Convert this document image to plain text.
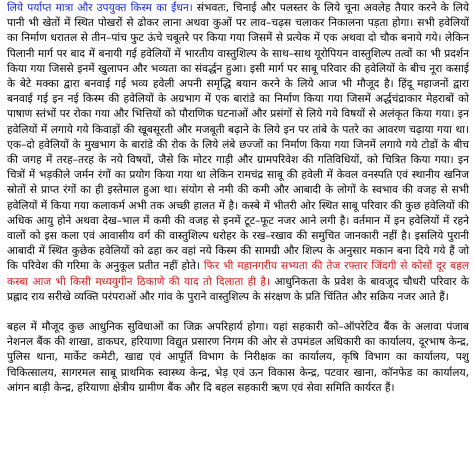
लिये पर्याप्त मात्रा और उपयुक्त किस्म का ईंधन। संभवतः, चिनाई और पलस्तर के लिये चूना अवलेह तैयार करने के लिये पानी भी खेतों में स्थित पोखरों से ढोकर लाना अथवा कुओं पर लाव–चढ़स चलाकर निकालना पड़ता होगा। सभी हवेलियों का निर्माण धरातल से तीन–पांच फुट ऊंचे चबूतरे पर किया गया जिसमें से प्रत्येक में एक अथवा दो चौक बनाये गये। लेकिन पिलानी मार्ग पर बाद में बनायी गई हवेलियों में भारतीय वास्तुशिल्प के साथ–साथ यूरोपियन वास्तुशिल्प तत्वों का भी प्रदर्शन किया गया जिससे इनमें खुलापन और भव्यता का संवर्द्धन हुआ। इसी मार्ग पर साबू परिवार की हवेलियों के बीच नूरा कसाई के बेटे मक्का द्वारा बनवाई गई भव्य हवेली अपनी समृद्धि बयान करने के लिये आज भी मौजूद है। हिंदू महाजनों द्वारा बनवाई गई इन नई किस्म की हवेलियों के अग्रभाग में एक बारांडे का निर्माण किया गया जिसमें अर्द्धचंद्राकार मेहराबों को पाषाण स्तंभों पर रोका गया और भित्तियों को पौराणिक घटनाओं और प्रसंगों से लिये गये विषयों से अलंकृत किया गया। इन हवेलियों में लगाये गये किवाड़ों की खूबसूरती और मजबूती बढ़ाने के लिये इन पर तांबे के पतरे का आवरण चढ़ाया गया था। एक–दो हवेलियों के मुखभाग के बारांडे की रोक के लिये लंबे छज्जों का निर्माण किया गया जिनमें लगाये गये टोडों के बीच की जगह में तरह–तरह के नये विषयों, जैसे कि मोटर गाड़ी और ग्रामपरिवेश की गतिविधियों, को चित्रित किया गया। इन चित्रों में भड़कीले जर्मन रंगों का प्रयोग किया गया था लेकिन रामचंद्र साबू की हवेली में केवल वनस्पति एवं स्थानीय खनिज स्रोतों से प्राप्त रंगों का ही इस्तेमाल हुआ था। संयोग से नमी की कमी और आबादी के लोगों के स्वभाव की वजह से सभी हवेलियों में किया गया कलाकर्म अभी तक अच्छी हालत में है। कस्बे में भीतरी ओर स्थित साबू परिवार की कुछ हवेलियों की अधिक आयु होने अथवा देख–भाल में कमी की वजह से इनमें टूट–फूट नजर आने लगी है। वर्तमान में इन हवेलियों में रहने वालों को इस कला एवं आवासीय वर्ग की वास्तुशिल्प धरोहर के रख–रखाव की समुचित जानकारी नहीं है। इसलिये पुरानी आबादी में स्थित कुछेक हवेलियों को ढहा कर वहां नये किस्म की सामग्री और शिल्प के अनुसार मकान बना दिये गये हैं जो कि परिवेश की गरिमा के अनुकूल प्रतीत नहीं होते। फिर भी महानगरीय सभ्यता की तेज रफ्तार जिंदगी से कोसों दूर बहल कस्बा आज भी किसी मध्ययुगीन ठिकाणे की याद तो दिलाता ही है। आधुनिकता के प्रवेश के बावजूद चौधरी परिवार के प्रह्लाद राय सरीखे व्यक्ति परंपराओं और गांव के पुराने वास्तुशिल्प के संरक्षण के प्रति चिंतित और सक्रिय नजर आते हैं।

बहल में मौजूद कुछ आधुनिक सुविधाओं का जिक्र अपरिहार्य होगा। यहां सहकारी को–ऑपरेटिव बैंक के अलावा पंजाब नेशनल बैंक की शाखा, डाकघर, हरियाणा विद्युत प्रसारण निगम की ओर से उपमंडल अधिकारी का कार्यालय, दूरभाष केन्द्र, पुलिस थाना, मार्केट कमेटी, खाद्य एवं आपूर्ति विभाग के निरीक्षक का कार्यालय, कृषि विभाग का कार्यालय, पशु चिकित्सालय, सागरमल साबू प्राथमिक स्वास्थ्य केन्द्र, भेड़ एवं ऊन विकास केन्द्र, पटवार खाना, कॉनफेड का कार्यालय, आंगन बाड़ी केन्द्र, हरियाणा क्षेत्रीय ग्रामीण बैंक और दि बहल सहकारी ऋण एवं सेवा समिति कार्यरत हैं।
